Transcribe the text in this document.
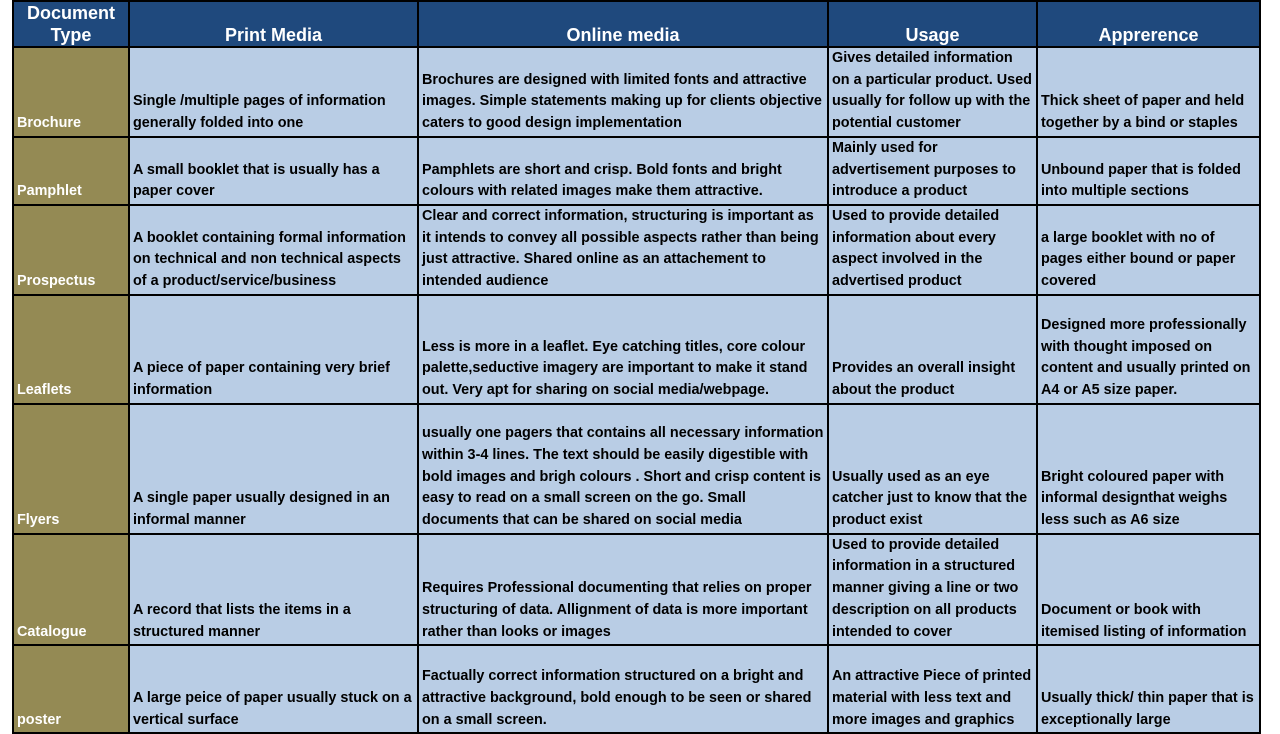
Document Type	Print Media	Online media	Usage	Apprerence
Brochure	Single /multiple pages of information generally folded into one	Brochures are designed with limited fonts and attractive images. Simple statements making up for clients objective caters to good design implementation	Gives detailed information on a particular product. Used usually for follow up with the potential customer	Thick sheet of paper and held together by a bind or staples
Pamphlet	A small booklet that is usually has a paper cover	Pamphlets are short and crisp. Bold fonts and bright colours with related images make them attractive.	Mainly used for advertisement purposes to introduce a product	Unbound paper that is folded into multiple sections
Prospectus	A booklet containing formal information on technical and non technical aspects of a product/service/business	Clear and correct information, structuring is important as it intends to convey all possible aspects rather than being just attractive. Shared online as an attachement to intended audience	Used to provide detailed information about every aspect involved in the advertised product	a large booklet with no of pages either bound or paper covered
Leaflets	A piece of paper containing very brief information	Less is more in a leaflet. Eye catching titles, core colour palette,seductive imagery are important to make it stand out. Very apt for sharing on social media/webpage.	Provides an overall insight about the product	Designed more professionally with thought imposed on content and usually printed on A4 or A5 size paper.
Flyers	A single paper usually designed in an informal manner	usually one pagers that contains all necessary information within 3-4 lines. The text should be easily digestible with bold images and brigh colours . Short and crisp content is easy to read on a small screen on the go. Small documents that can be shared on social media	Usually used as an eye catcher just to know that the product exist	Bright coloured paper with informal designthat weighs less such as A6 size
Catalogue	A record that lists the items in a structured manner	Requires Professional documenting that relies on proper structuring of data. Allignment of data is more important rather than looks or images	Used to provide detailed information in a structured manner giving a line or two description on all products intended to cover	Document or book with itemised listing of information
poster	A large peice of paper usually stuck on a vertical surface	Factually correct information structured on a bright and attractive background, bold enough to be seen or shared on a small screen.	An attractive Piece of printed material with less text and more images and graphics	Usually thick/ thin paper that is exceptionally large
